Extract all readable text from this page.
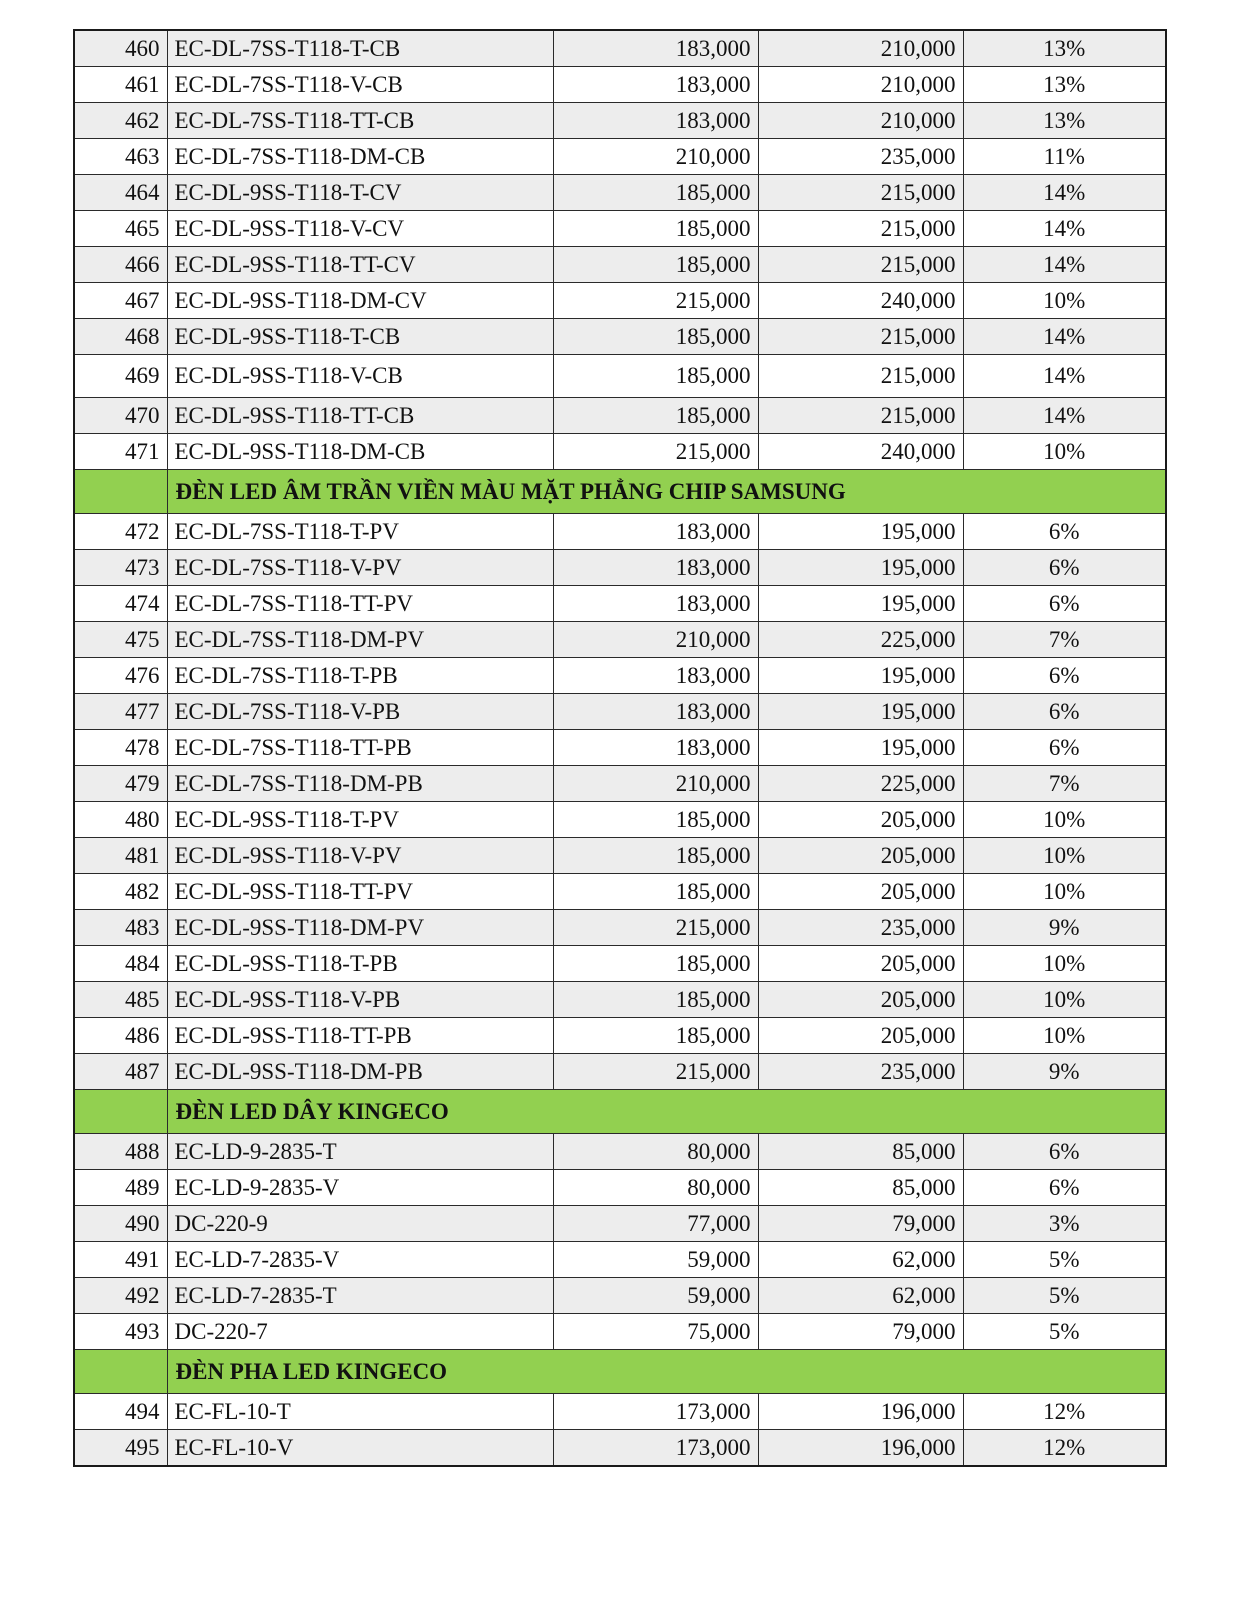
460	EC-DL-7SS-T118-T-CB	183,000	210,000	13%
461	EC-DL-7SS-T118-V-CB	183,000	210,000	13%
462	EC-DL-7SS-T118-TT-CB	183,000	210,000	13%
463	EC-DL-7SS-T118-DM-CB	210,000	235,000	11%
464	EC-DL-9SS-T118-T-CV	185,000	215,000	14%
465	EC-DL-9SS-T118-V-CV	185,000	215,000	14%
466	EC-DL-9SS-T118-TT-CV	185,000	215,000	14%
467	EC-DL-9SS-T118-DM-CV	215,000	240,000	10%
468	EC-DL-9SS-T118-T-CB	185,000	215,000	14%
469	EC-DL-9SS-T118-V-CB	185,000	215,000	14%
470	EC-DL-9SS-T118-TT-CB	185,000	215,000	14%
471	EC-DL-9SS-T118-DM-CB	215,000	240,000	10%
	ĐÈN LED ÂM TRẦN VIỀN MÀU MẶT PHẲNG CHIP SAMSUNG			
472	EC-DL-7SS-T118-T-PV	183,000	195,000	6%
473	EC-DL-7SS-T118-V-PV	183,000	195,000	6%
474	EC-DL-7SS-T118-TT-PV	183,000	195,000	6%
475	EC-DL-7SS-T118-DM-PV	210,000	225,000	7%
476	EC-DL-7SS-T118-T-PB	183,000	195,000	6%
477	EC-DL-7SS-T118-V-PB	183,000	195,000	6%
478	EC-DL-7SS-T118-TT-PB	183,000	195,000	6%
479	EC-DL-7SS-T118-DM-PB	210,000	225,000	7%
480	EC-DL-9SS-T118-T-PV	185,000	205,000	10%
481	EC-DL-9SS-T118-V-PV	185,000	205,000	10%
482	EC-DL-9SS-T118-TT-PV	185,000	205,000	10%
483	EC-DL-9SS-T118-DM-PV	215,000	235,000	9%
484	EC-DL-9SS-T118-T-PB	185,000	205,000	10%
485	EC-DL-9SS-T118-V-PB	185,000	205,000	10%
486	EC-DL-9SS-T118-TT-PB	185,000	205,000	10%
487	EC-DL-9SS-T118-DM-PB	215,000	235,000	9%
	ĐÈN LED DÂY KINGECO			
488	EC-LD-9-2835-T	80,000	85,000	6%
489	EC-LD-9-2835-V	80,000	85,000	6%
490	DC-220-9	77,000	79,000	3%
491	EC-LD-7-2835-V	59,000	62,000	5%
492	EC-LD-7-2835-T	59,000	62,000	5%
493	DC-220-7	75,000	79,000	5%
	ĐÈN PHA LED KINGECO			
494	EC-FL-10-T	173,000	196,000	12%
495	EC-FL-10-V	173,000	196,000	12%
